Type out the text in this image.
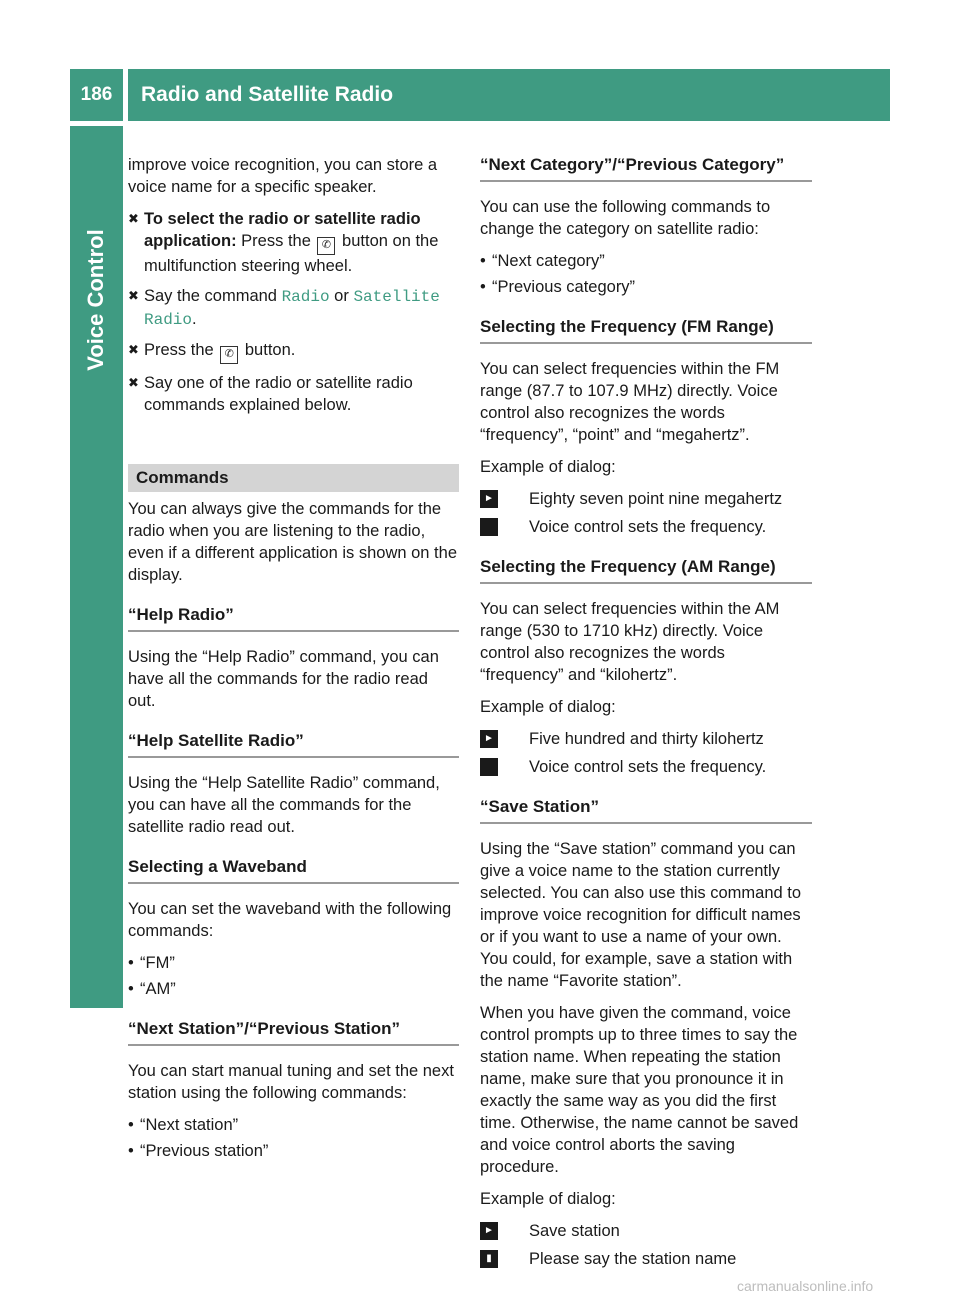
186	Radio and Satellite Radio
Voice Control

improve voice recognition, you can store a voice name for a specific speaker.

✖ To select the radio or satellite radio application: Press the ✆ button on the multifunction steering wheel.
✖ Say the command Radio or Satellite Radio.
✖ Press the ✆ button.
✖ Say one of the radio or satellite radio commands explained below.
Commands

You can always give the commands for the radio when you are listening to the radio, even if a different application is shown on the display.

“Help Radio”

Using the “Help Radio” command, you can have all the commands for the radio read out.

“Help Satellite Radio”

Using the “Help Satellite Radio” command, you can have all the commands for the satellite radio read out.

Selecting a Waveband

You can set the waveband with the following commands:

• “FM”
• “AM”
“Next Station”/“Previous Station”

You can start manual tuning and set the next station using the following commands:

• “Next station”
• “Previous station”
“Next Category”/“Previous Category”

You can use the following commands to change the category on satellite radio:

• “Next category”
• “Previous category”
Selecting the Frequency (FM Range)

You can select frequencies within the FM range (87.7 to 107.9 MHz) directly. Voice control also recognizes the words “frequency”, “point” and “megahertz”.

Example of dialog:

► Eighty seven point nine megahertz
Voice control sets the frequency.
Selecting the Frequency (AM Range)

You can select frequencies within the AM range (530 to 1710 kHz) directly. Voice control also recognizes the words “frequency” and “kilohertz”.

Example of dialog:

► Five hundred and thirty kilohertz
Voice control sets the frequency.
“Save Station”

Using the “Save station” command you can give a voice name to the station currently selected. You can also use this command to improve voice recognition for difficult names or if you want to use a name of your own. You could, for example, save a station with the name “Favorite station”.

When you have given the command, voice control prompts up to three times to say the station name. When repeating the station name, make sure that you pronounce it in exactly the same way as you did the first time. Otherwise, the name cannot be saved and voice control aborts the saving procedure.

Example of dialog:

► Save station
▮	Please say the station name
carmanualsonline.info
